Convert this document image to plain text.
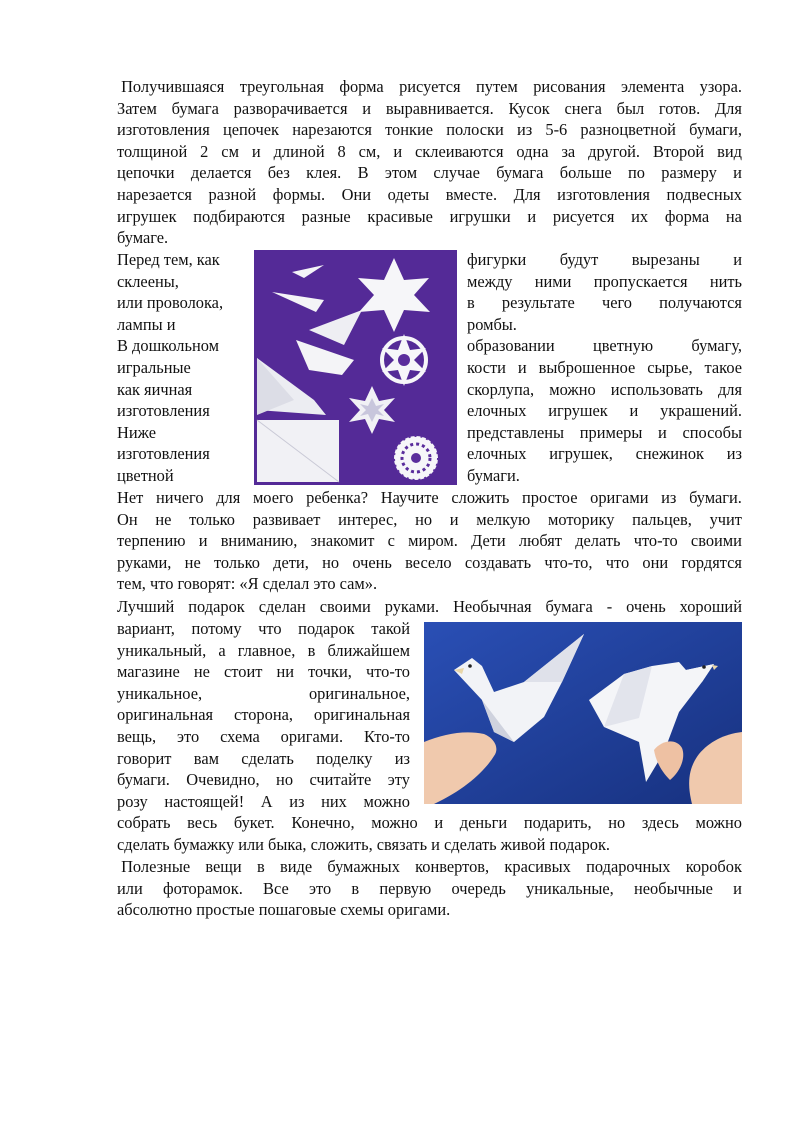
Получившаяся треугольная форма рисуется путем рисования элемента узора.
Затем бумага разворачивается и выравнивается. Кусок снега был готов. Для
изготовления цепочек нарезаются тонкие полоски из 5-6 разноцветной бумаги,
толщиной 2 см и длиной 8 см, и склеиваются одна за другой. Второй вид
цепочки делается без клея. В этом случае бумага больше по размеру и
нарезается разной формы. Они одеты вместе. Для изготовления подвесных
игрушек подбираются разные красивые игрушки и рисуется их форма на
бумаге.
Перед тем, как
склеены,
или проволока,
лампы и
В дошкольном
игральные
как яичная
изготовления
Ниже
изготовления
цветной
фигурки будут вырезаны и
между ними пропускается нить
в результате чего получаются
ромбы.
образовании цветную бумагу,
кости и выброшенное сырье, такое
скорлупа, можно использовать для
елочных игрушек и украшений.
представлены примеры и способы
елочных игрушек, снежинок из
бумаги.
Нет ничего для моего ребенка? Научите сложить простое оригами из бумаги.
Он не только развивает интерес, но и мелкую моторику пальцев, учит
терпению и вниманию, знакомит с миром. Дети любят делать что-то своими
руками, не только дети, но очень весело создавать что-то, что они гордятся
тем, что говорят: «Я сделал это сам».
Лучший подарок сделан своими руками. Необычная бумага - очень хороший
вариант, потому что подарок такой
уникальный, а главное, в ближайшем
магазине не стоит ни точки, что-то
уникальное,	оригинальное,
оригинальная сторона, оригинальная
вещь, это схема оригами. Кто-то
говорит вам сделать поделку из
бумаги. Очевидно, но считайте эту
розу настоящей! А из них можно
собрать весь букет. Конечно, можно и деньги подарить, но здесь можно
сделать бумажку или быка, сложить, связать и сделать живой подарок.
Полезные вещи в виде бумажных конвертов, красивых подарочных коробок
или фоторамок. Все это в первую очередь уникальные, необычные и
абсолютно простые пошаговые схемы оригами.
